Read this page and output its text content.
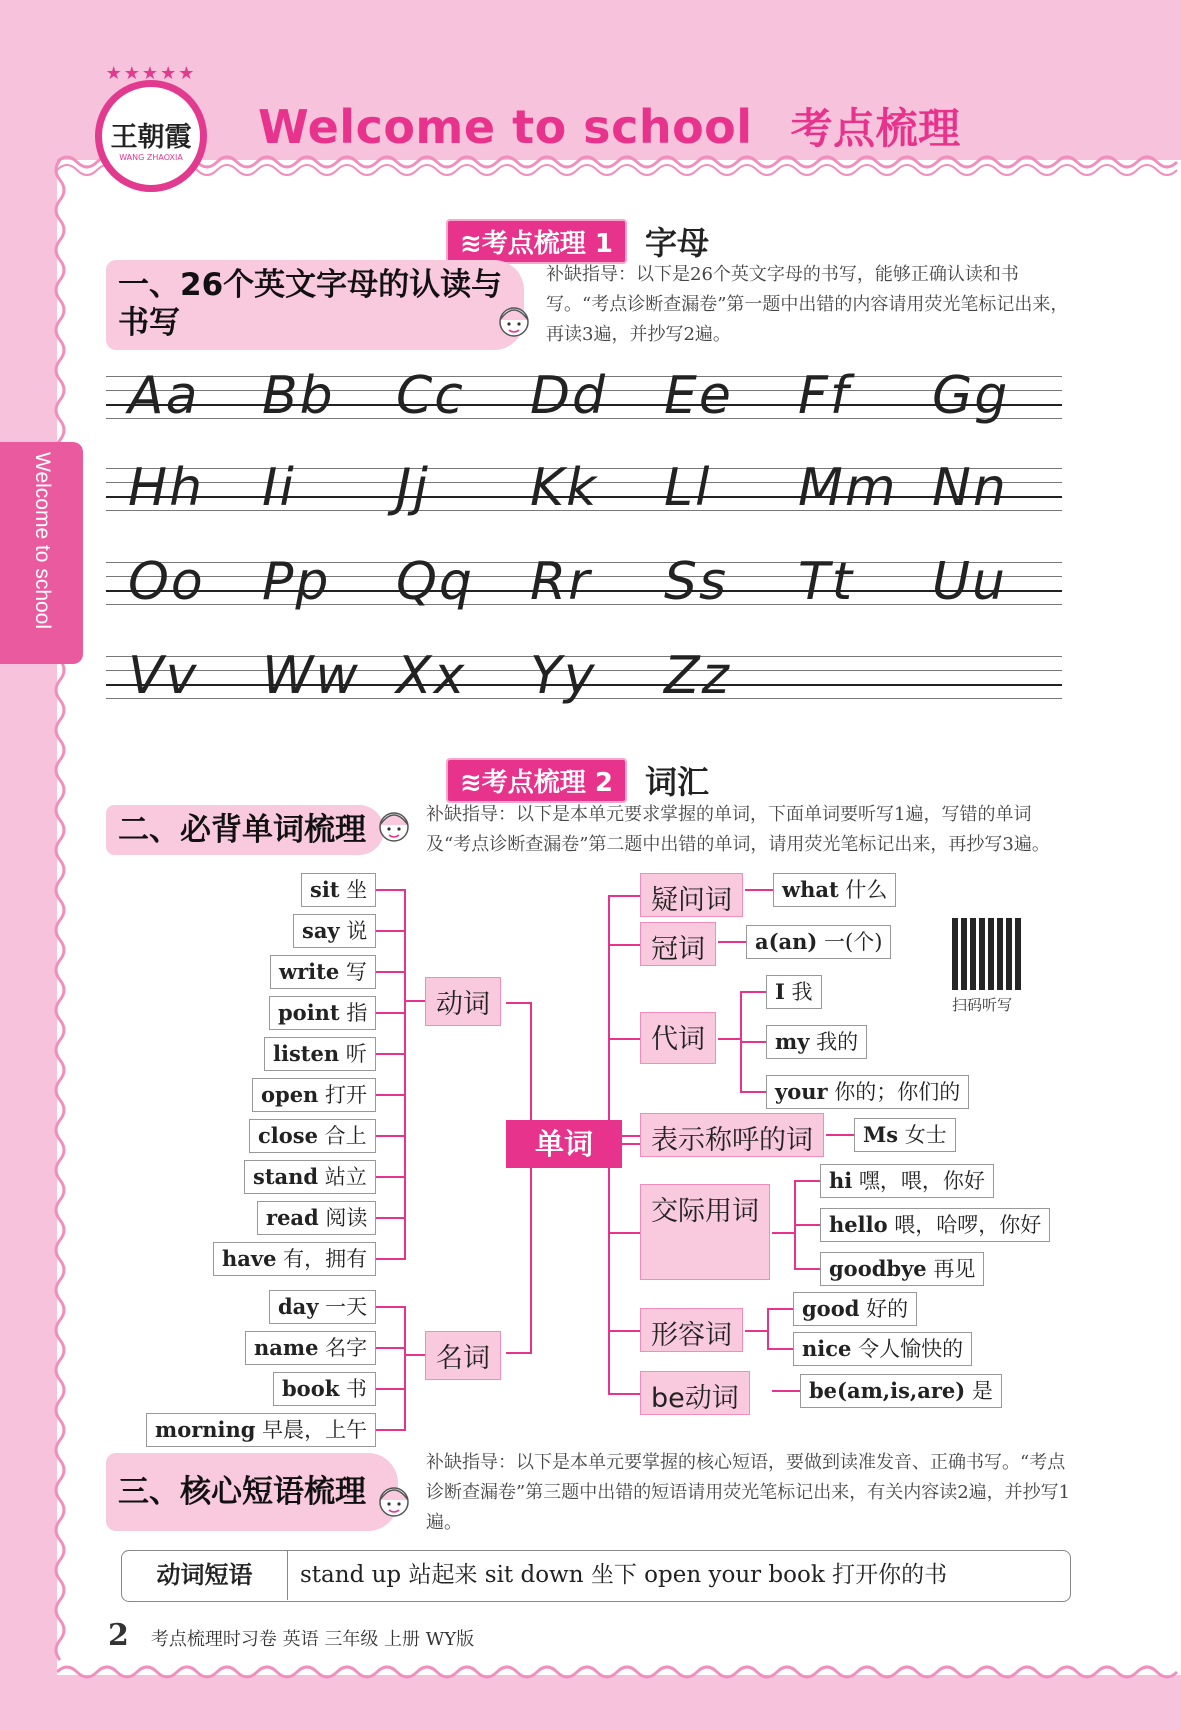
★★★★★
王朝霞
WANG ZHAOXIA
Welcome to school 考点梳理
Welcome to school
≋考点梳理 1	字母
一、26个英文字母的认读与书写
补缺指导：以下是26个英文字母的书写，能够正确认读和书写。“考点诊断查漏卷”第一题中出错的内容请用荧光笔标记出来，再读3遍，并抄写2遍。
Aa Bb Cc Dd Ee Ff Gg
Hh Ii Jj Kk Ll Mm Nn
Oo Pp Qq Rr Ss Tt Uu
Vv Ww Xx Yy Zz
≋考点梳理 2	词汇
二、必背单词梳理	补缺指导：以下是本单元要求掌握的单词，下面单词要听写1遍，写错的单词及“考点诊断查漏卷”第二题中出错的单词，请用荧光笔标记出来，再抄写3遍。
sit 坐
say 说
write 写
point 指
listen 听
open 打开
close 合上
stand 站立
read 阅读
have 有，拥有
动词
day 一天
name 名字
book 书
morning 早晨，上午
名词
疑问词	what 什么
冠词	a(an) 一(个)
代词
I 我
my 我的
your 你的；你们的
表示称呼的词	Ms 女士
交际用词
hi 嘿，喂，你好
hello 喂，哈啰，你好
goodbye 再见
形容词
good 好的
nice 令人愉快的
be动词	be(am,is,are) 是
单词
扫码听写
三、核心短语梳理
补缺指导：以下是本单元要掌握的核心短语，要做到读准发音、正确书写。“考点诊断查漏卷”第三题中出错的短语请用荧光笔标记出来，有关内容读2遍，并抄写1遍。
动词短语	stand up 站起来 sit down 坐下 open your book 打开你的书
2 考点梳理时习卷 英语 三年级 上册 WY版
